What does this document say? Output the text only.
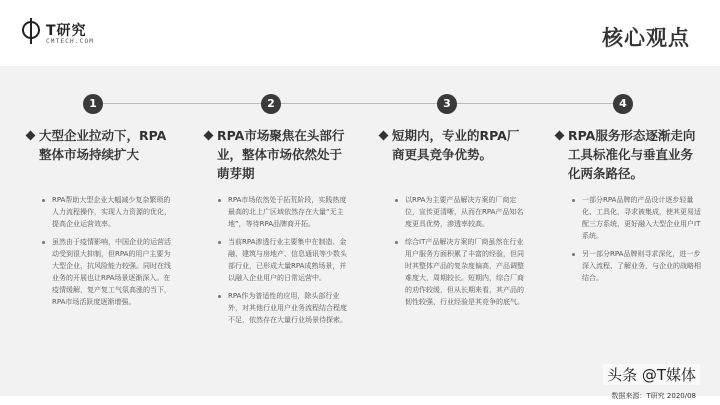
T研究
CMTECH.COM	核心观点
1	2	3	4
大型企业拉动下，RPA整体市场持续扩大
RPA帮助大型企业大幅减少复杂繁琐的人力流程操作，实现人力资源的优化，提高企业运营效率。
虽然由于疫情影响，中国企业的运营活动受到很大抑制，但RPA的用户主要为大型企业，抗风险能力较强。同时在线业务的开展也让RPA场景逐渐深入。在疫情缓解，复产复工气氛高涨的当下，RPA市场活跃度逐渐增强。
RPA市场聚焦在头部行业，整体市场依然处于萌芽期
RPA市场依然处于拓荒阶段，实践热度最高的北上广区域依然存在大量“无主地”，等待RPA品牌商开拓。
当前RPA渗透行业主要集中在制造、金融、建筑与房地产、信息通讯等少数头部行业，已形成大量RPA成熟场景，并以融入企业用户的日常运营中。
RPA作为普适性的应用，除头部行业外，对其他行业用户业务流程结合程度不足，依然存在大量行业场景待探索。
短期内，专业的RPA厂商更具竞争优势。
以RPA为主要产品解决方案的厂商定位，宣传更清晰，从而在RPA产品知名度更具优势，渗透率较高。
综合IT产品解决方案的厂商虽然在行业用户服务方面积累了丰富的经验，但同时其整体产品的复杂度偏高，产品调整难度大，周期较长。短期内，综合厂商的劝作较缓，但从长期来看，其产品的韧性较强，行业经验是其竞争的底气。
RPA服务形态逐渐走向工具标准化与垂直业务化两条路径。
一部分RPA品牌的产品设计逐步轻量化、工具化，寻求被集成，使其更易适配三方系统，更好融入大型企业用户IT系统。
另一部分RPA品牌则寻求深化，进一步深入流程、了解业务，与企业的战略相结合。
头条 @T媒体
数据来源：T研究 2020/08
